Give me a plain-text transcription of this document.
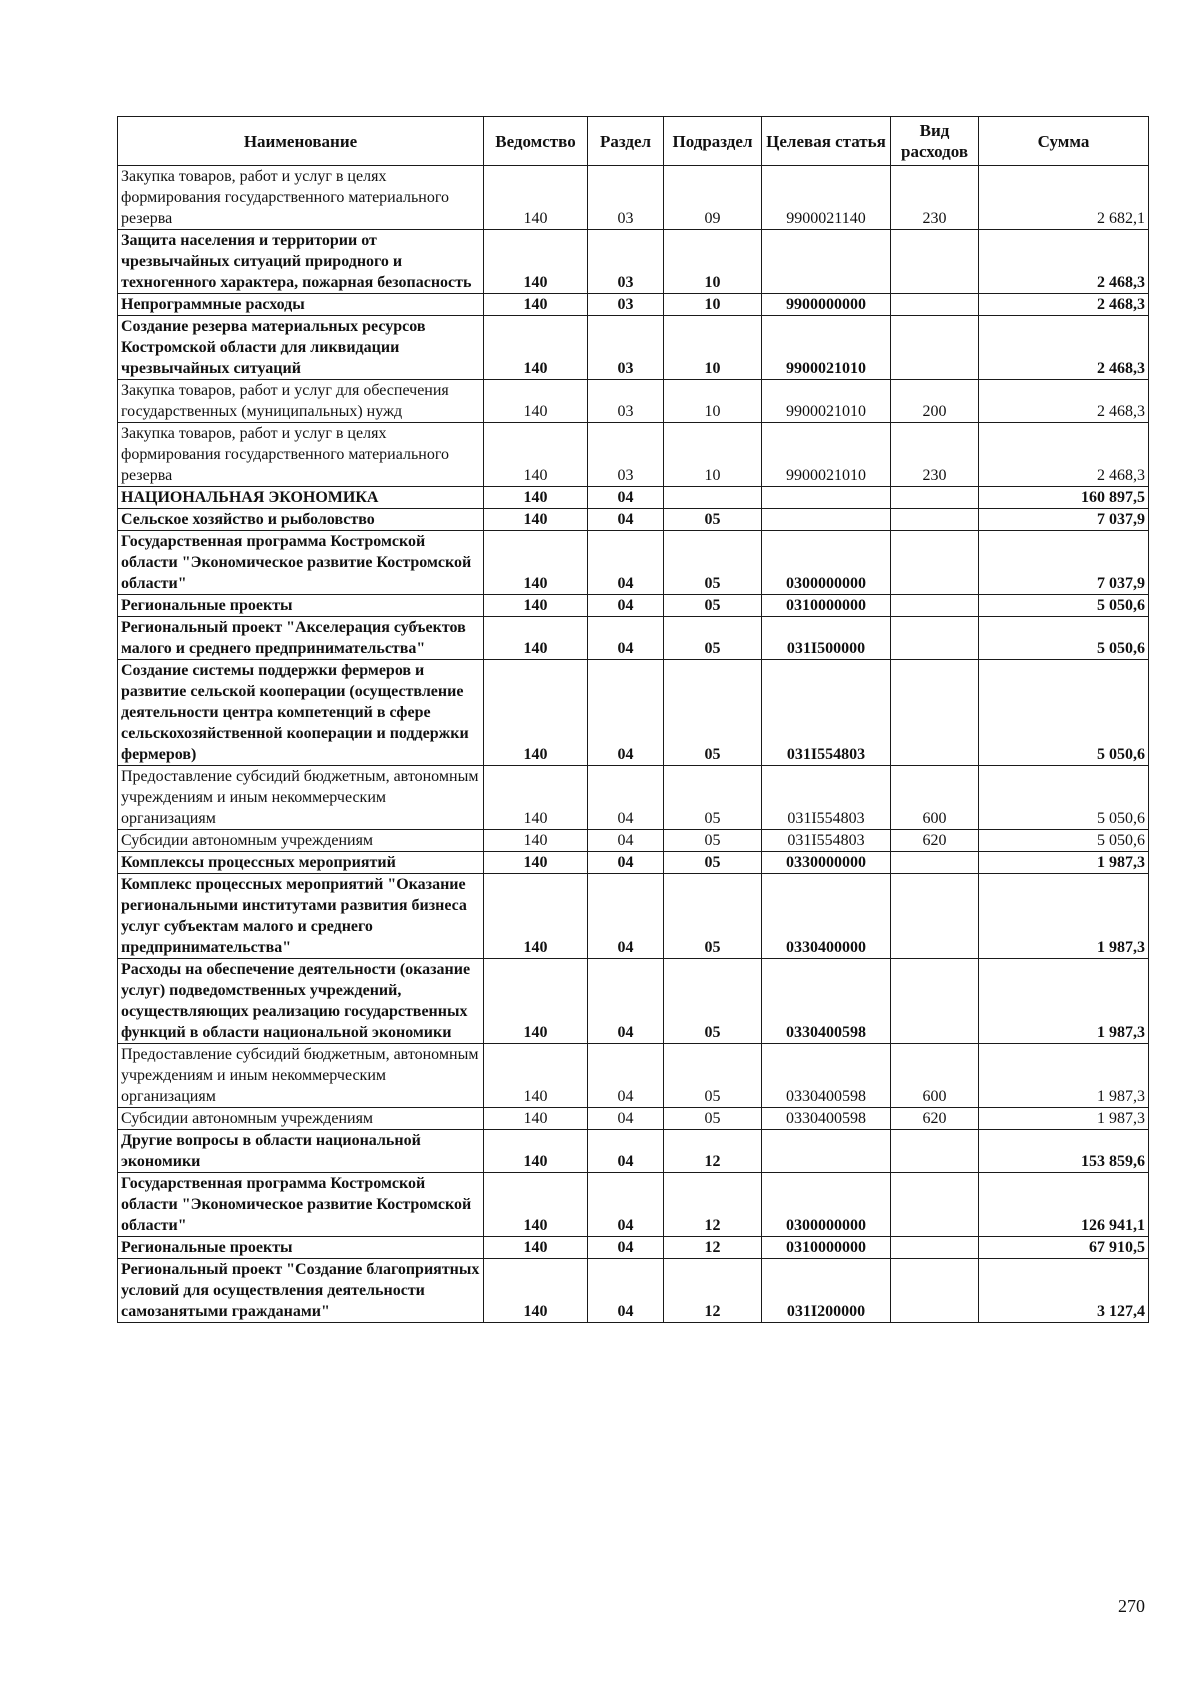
Наименование	Ведомство	Раздел	Подраздел	Целевая статья	Вид расходов	Сумма
Закупка товаров, работ и услуг в целях формирования государственного материального резерва	140	03	09	9900021140	230	2 682,1
Защита населения и территории от чрезвычайных ситуаций природного и техногенного характера, пожарная безопасность	140	03	10			2 468,3
Непрограммные расходы	140	03	10	9900000000		2 468,3
Создание резерва материальных ресурсов Костромской области для ликвидации чрезвычайных ситуаций	140	03	10	9900021010		2 468,3
Закупка товаров, работ и услуг для обеспечения государственных (муниципальных) нужд	140	03	10	9900021010	200	2 468,3
Закупка товаров, работ и услуг в целях формирования государственного материального резерва	140	03	10	9900021010	230	2 468,3
НАЦИОНАЛЬНАЯ ЭКОНОМИКА	140	04				160 897,5
Сельское хозяйство и рыболовство	140	04	05			7 037,9
Государственная программа Костромской области "Экономическое развитие Костромской области"	140	04	05	0300000000		7 037,9
Региональные проекты	140	04	05	0310000000		5 050,6
Региональный проект "Акселерация субъектов малого и среднего предпринимательства"	140	04	05	031I500000		5 050,6
Создание системы поддержки фермеров и развитие сельской кооперации (осуществление деятельности центра компетенций в сфере сельскохозяйственной кооперации и поддержки фермеров)	140	04	05	031I554803		5 050,6
Предоставление субсидий бюджетным, автономным учреждениям и иным некоммерческим организациям	140	04	05	031I554803	600	5 050,6
Субсидии автономным учреждениям	140	04	05	031I554803	620	5 050,6
Комплексы процессных мероприятий	140	04	05	0330000000		1 987,3
Комплекс процессных мероприятий "Оказание региональными институтами развития бизнеса услуг субъектам малого и среднего предпринимательства"	140	04	05	0330400000		1 987,3
Расходы на обеспечение деятельности (оказание услуг) подведомственных учреждений, осуществляющих реализацию государственных функций в области национальной экономики	140	04	05	0330400598		1 987,3
Предоставление субсидий бюджетным, автономным учреждениям и иным некоммерческим организациям	140	04	05	0330400598	600	1 987,3
Субсидии автономным учреждениям	140	04	05	0330400598	620	1 987,3
Другие вопросы в области национальной экономики	140	04	12			153 859,6
Государственная программа Костромской области "Экономическое развитие Костромской области"	140	04	12	0300000000		126 941,1
Региональные проекты	140	04	12	0310000000		67 910,5
Региональный проект "Создание благоприятных условий для осуществления деятельности самозанятыми гражданами"	140	04	12	031I200000		3 127,4
270
